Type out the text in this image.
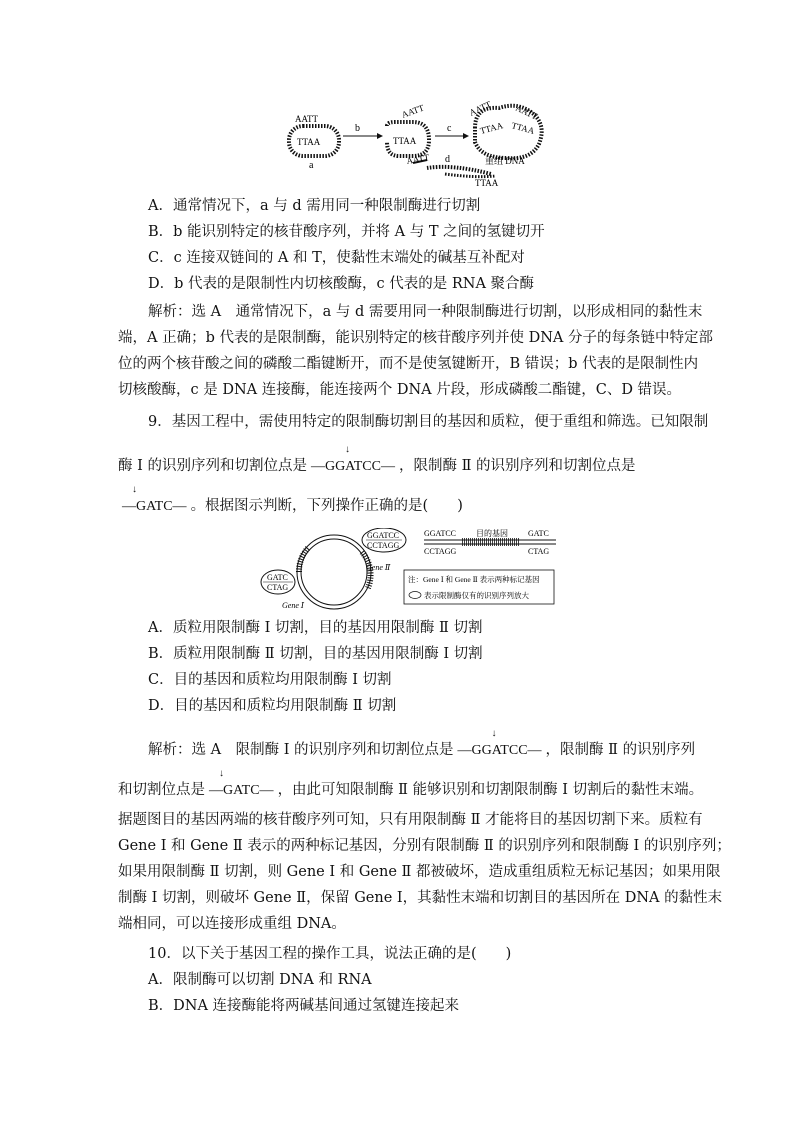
AATT
TTAA
a
b
AATT
TTAA
c
AATT AATT
TTAA TTAA
重组 DNA
AATT d
TTAA
A．通常情况下，a 与 d 需用同一种限制酶进行切割
B．b 能识别特定的核苷酸序列，并将 A 与 T 之间的氢键切开
C．c 连接双链间的 A 和 T，使黏性末端处的碱基互补配对
D．b 代表的是限制性内切核酸酶，c 代表的是 RNA 聚合酶
解析：选 A　通常情况下，a 与 d 需要用同一种限制酶进行切割，以形成相同的黏性末
端，A 正确；b 代表的是限制酶，能识别特定的核苷酸序列并使 DNA 分子的每条链中特定部
位的两个核苷酸之间的磷酸二酯键断开，而不是使氢键断开，B 错误；b 代表的是限制性内
切核酸酶，c 是 DNA 连接酶，能连接两个 DNA 片段，形成磷酸二酯键，C、D 错误。
9．基因工程中，需使用特定的限制酶切割目的基因和质粒，便于重组和筛选。已知限制
酶 Ⅰ 的识别序列和切割位点是
↓
—GGATCC— ，限制酶 Ⅱ 的识别序列和切割位点是
↓
—GATC— 。根据图示判断，下列操作正确的是(　　)
GGATCC
CCTAGG
Gene Ⅱ
GATC
CTAG
Gene Ⅰ
GGATCC 目的基因	GATC
CCTAGG	CTAG
注：Gene Ⅰ 和 Gene Ⅱ 表示两种标记基因
表示限制酶仅有的识别序列放大
A．质粒用限制酶 Ⅰ 切割，目的基因用限制酶 Ⅱ 切割
B．质粒用限制酶 Ⅱ 切割，目的基因用限制酶 Ⅰ 切割
C．目的基因和质粒均用限制酶 Ⅰ 切割
D．目的基因和质粒均用限制酶 Ⅱ 切割
解析：选 A　限制酶 Ⅰ 的识别序列和切割位点是
↓
—GGATCC— ，限制酶 Ⅱ 的识别序列
和切割位点是
↓
—GATC— ，由此可知限制酶 Ⅱ 能够识别和切割限制酶 Ⅰ 切割后的黏性末端。
据题图目的基因两端的核苷酸序列可知，只有用限制酶 Ⅱ 才能将目的基因切割下来。质粒有
Gene Ⅰ 和 Gene Ⅱ 表示的两种标记基因，分别有限制酶 Ⅱ 的识别序列和限制酶 Ⅰ 的识别序列；
如果用限制酶 Ⅱ 切割，则 Gene Ⅰ 和 Gene Ⅱ 都被破坏，造成重组质粒无标记基因；如果用限
制酶 Ⅰ 切割，则破坏 Gene Ⅱ，保留 Gene Ⅰ，其黏性末端和切割目的基因所在 DNA 的黏性末
端相同，可以连接形成重组 DNA。
10．以下关于基因工程的操作工具，说法正确的是(　　)
A．限制酶可以切割 DNA 和 RNA
B．DNA 连接酶能将两碱基间通过氢键连接起来
